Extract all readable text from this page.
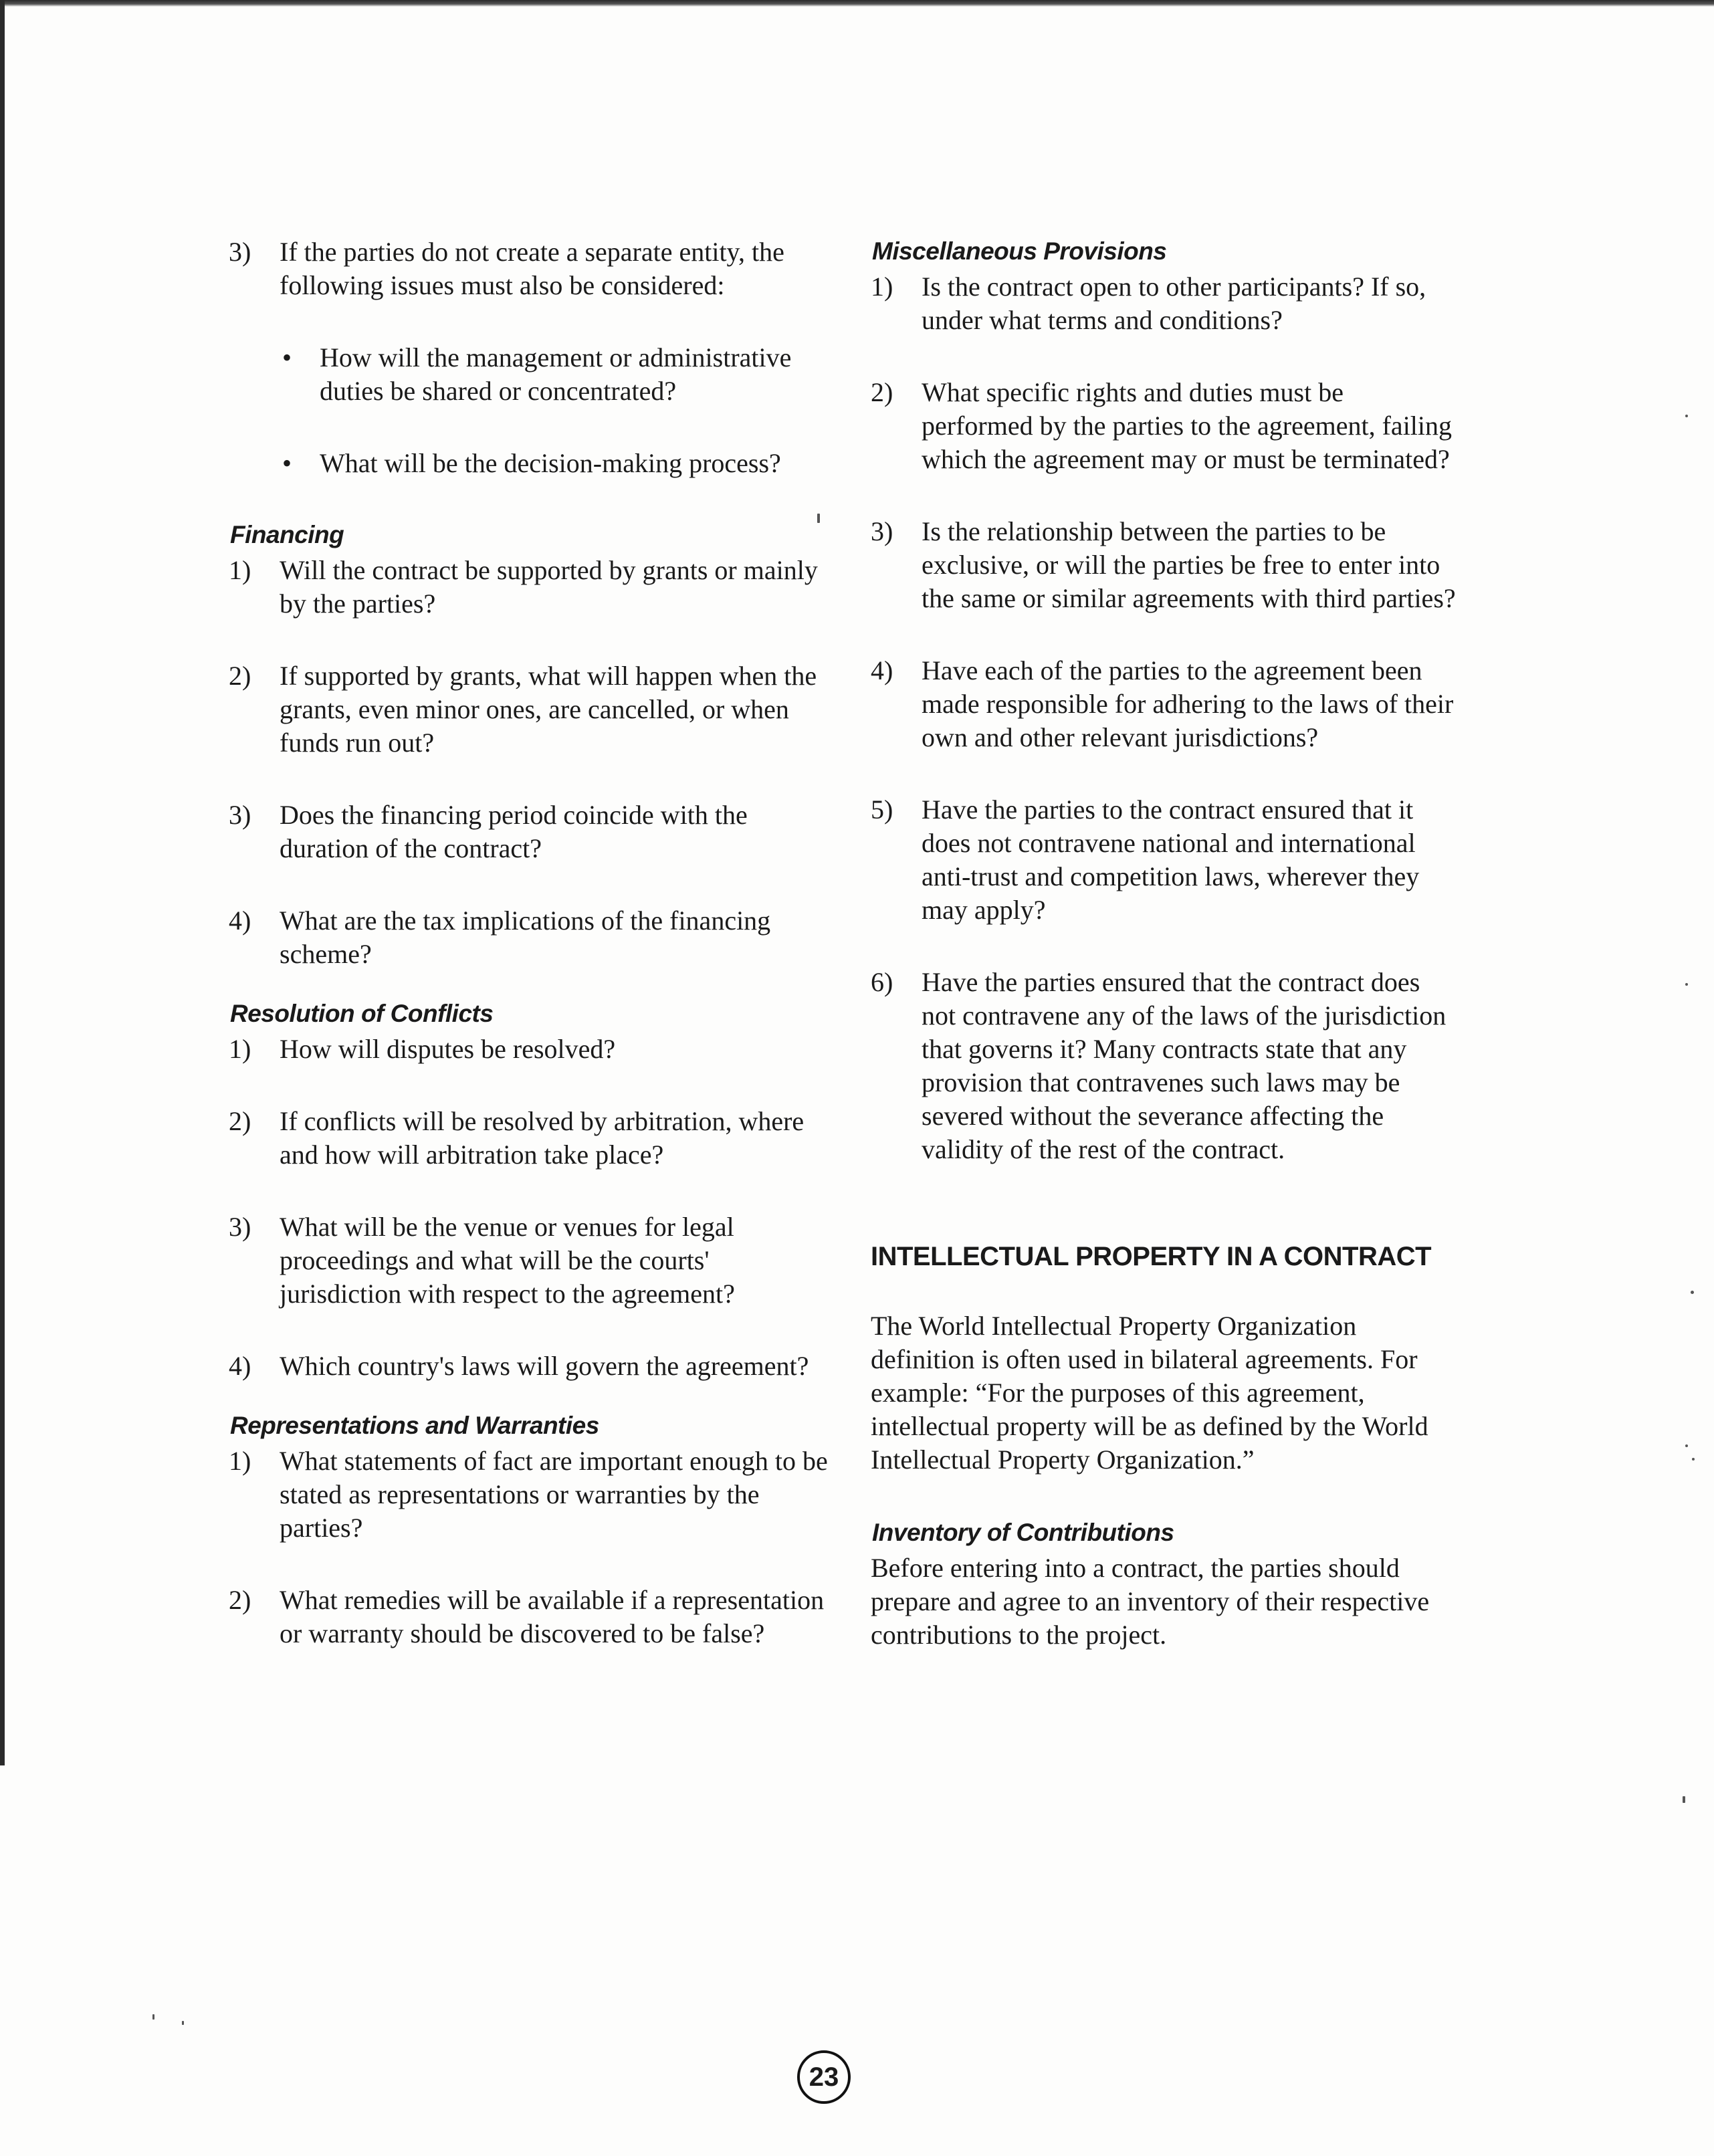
3) If the parties do not create a separate entity, the following issues must also be considered:
• How will the management or administrative duties be shared or concentrated?
• What will be the decision-making process?
Financing
1) Will the contract be supported by grants or mainly by the parties?
2) If supported by grants, what will happen when the grants, even minor ones, are cancelled, or when funds run out?
3) Does the financing period coincide with the duration of the contract?
4) What are the tax implications of the financing scheme?
Resolution of Conflicts
1) How will disputes be resolved?
2) If conflicts will be resolved by arbitration, where and how will arbitration take place?
3) What will be the venue or venues for legal proceedings and what will be the courts' jurisdiction with respect to the agreement?
4) Which country's laws will govern the agreement?
Representations and Warranties
1) What statements of fact are important enough to be stated as representations or warranties by the parties?
2) What remedies will be available if a representation or warranty should be discovered to be false?
Miscellaneous Provisions
1) Is the contract open to other participants? If so, under what terms and conditions?
2) What specific rights and duties must be performed by the parties to the agreement, failing which the agreement may or must be terminated?
3) Is the relationship between the parties to be exclusive, or will the parties be free to enter into the same or similar agreements with third parties?
4) Have each of the parties to the agreement been made responsible for adhering to the laws of their own and other relevant jurisdictions?
5) Have the parties to the contract ensured that it does not contravene national and international anti-trust and competition laws, wherever they may apply?
6) Have the parties ensured that the contract does not contravene any of the laws of the jurisdiction that governs it? Many contracts state that any provision that contravenes such laws may be severed without the severance affecting the validity of the rest of the contract.
INTELLECTUAL PROPERTY IN A CONTRACT

The World Intellectual Property Organization definition is often used in bilateral agreements. For example: “For the purposes of this agreement, intellectual property will be as defined by the World Intellectual Property Organization.”

Inventory of Contributions

Before entering into a contract, the parties should prepare and agree to an inventory of their respective contributions to the project.

23
